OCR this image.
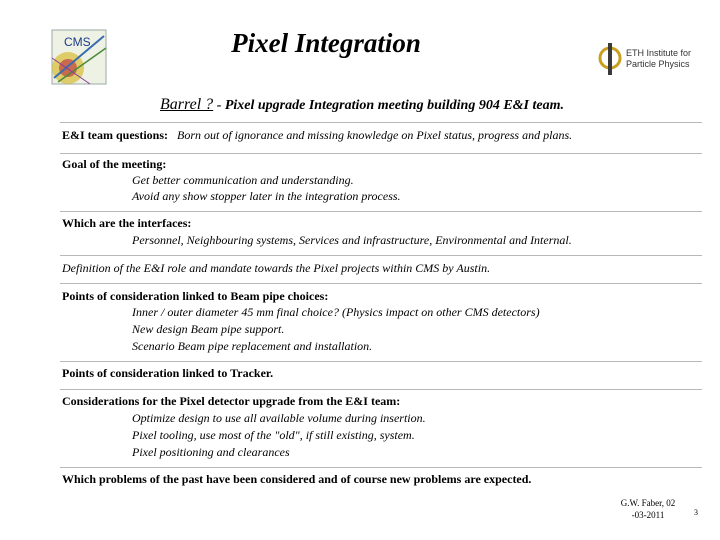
CMS	Pixel Integration	ETH Institute for
Particle Physics
Barrel ? - Pixel upgrade Integration meeting building 904 E&I team.
E&I team questions: Born out of ignorance and missing knowledge on Pixel status, progress and plans.
Goal of the meeting:
Get better communication and understanding.
Avoid any show stopper later in the integration process.
Which are the interfaces:
Personnel, Neighbouring systems, Services and infrastructure, Environmental and Internal.
Definition of the E&I role and mandate towards the Pixel projects within CMS by Austin.
Points of consideration linked to Beam pipe choices:
Inner / outer diameter 45 mm final choice? (Physics impact on other CMS detectors)
New design Beam pipe support.
Scenario Beam pipe replacement and installation.
Points of consideration linked to Tracker.
Considerations for the Pixel detector upgrade from the E&I team:
Optimize design to use all available volume during insertion.
Pixel tooling, use most of the "old", if still existing, system.
Pixel positioning and clearances
Which problems of the past have been considered and of course new problems are expected.
G.W. Faber, 02
-03-2011	3
